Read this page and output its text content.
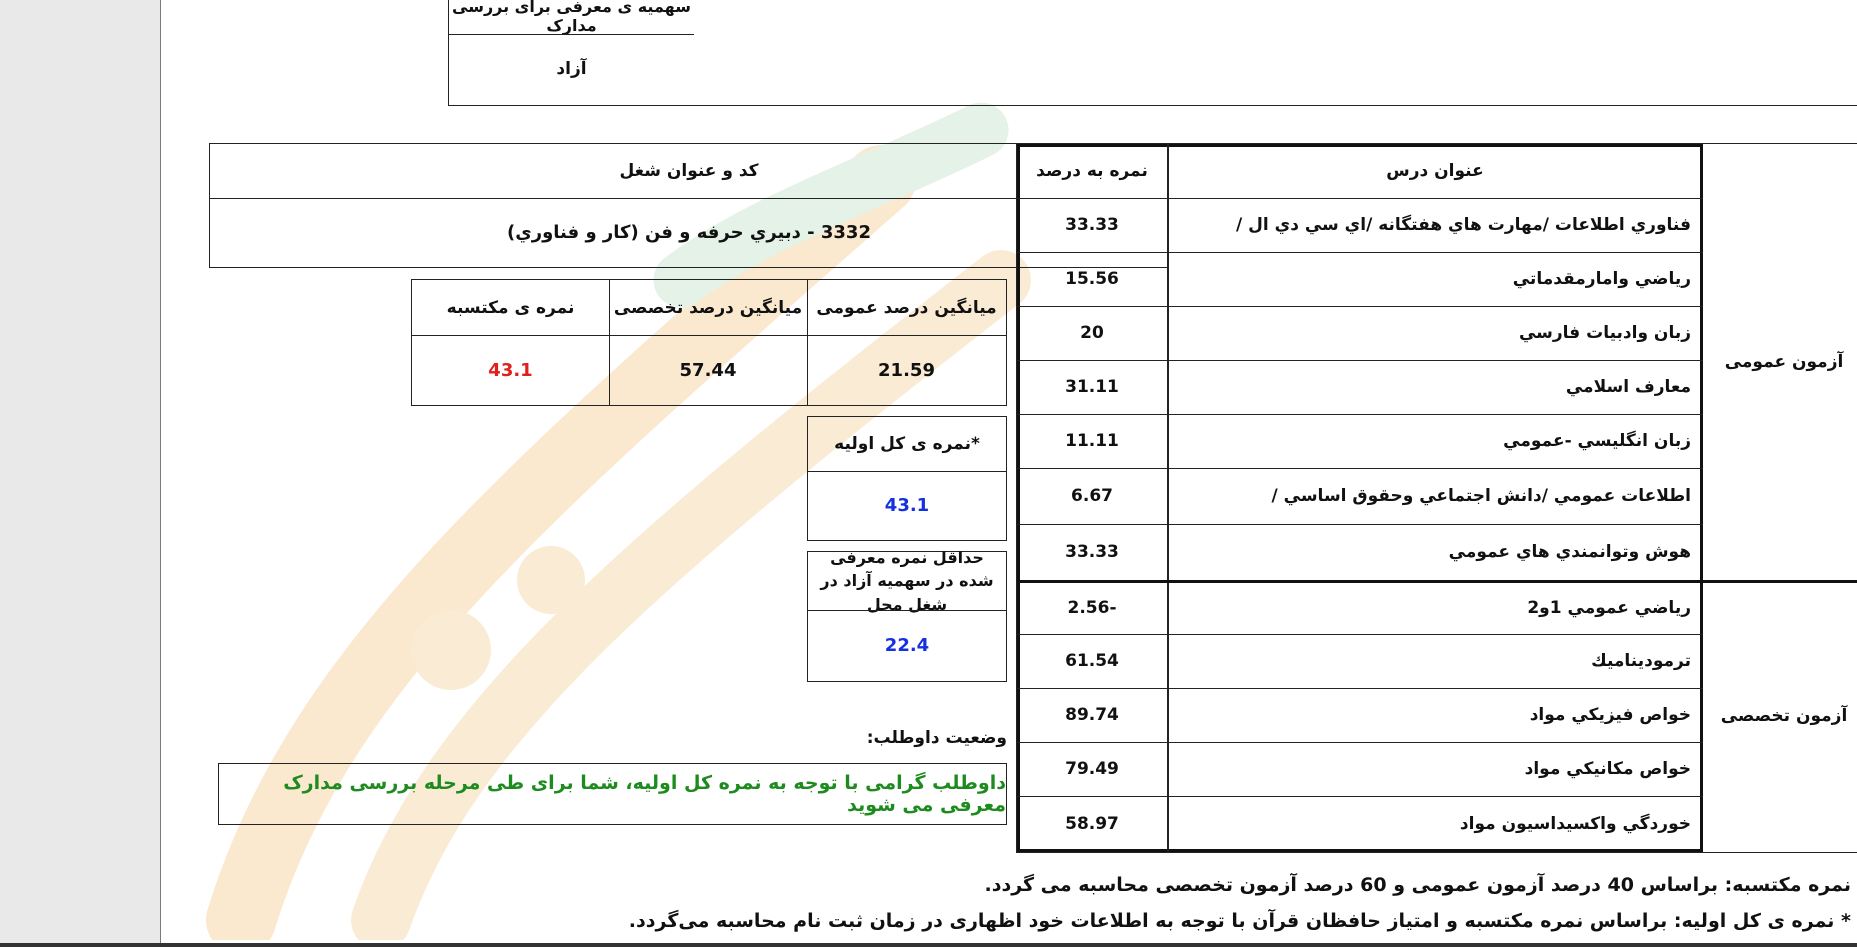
سهمیه ی معرفی برای بررسی مدارک
آزاد
کد و عنوان شغل
3332 - دبيري حرفه و فن (كار و فناوري)
میانگین درصد عمومی
میانگین درصد تخصصی
نمره ی مکتسبه
21.59
57.44
43.1
*نمره ی کل اولیه
43.1
حداقل نمره معرفی شده در سهمیه آزاد در شغل محل
22.4
وضعیت داوطلب:
داوطلب گرامی با توجه به نمره کل اولیه، شما برای طی مرحله بررسی مدارک معرفی می شوید
عنوان درس
نمره به درصد
آزمون عمومی
آزمون تخصصی
فناوري اطلاعات /مهارت هاي هفتگانه /اي سي دي ال /
33.33
رياضي وامارمقدماتي
15.56
زبان وادبيات فارسي
20
معارف اسلامي
31.11
زبان انگليسي -عمومي
11.11
اطلاعات عمومي /دانش اجتماعي وحقوق اساسي /
6.67
هوش وتوانمندي هاي عمومي
33.33
رياضي عمومي 1و2
-2.56
ترموديناميك
61.54
خواص فيزيكي مواد
89.74
خواص مكانيكي مواد
79.49
خوردگي واكسيداسيون مواد
58.97
نمره مکتسبه: براساس 40 درصد آزمون عمومی و 60 درصد آزمون تخصصی محاسبه می گردد.
* نمره ی کل اولیه: براساس نمره مکتسبه و امتیاز حافظان قرآن با توجه به اطلاعات خود اظهاری در زمان ثبت نام محاسبه می‌گردد.
